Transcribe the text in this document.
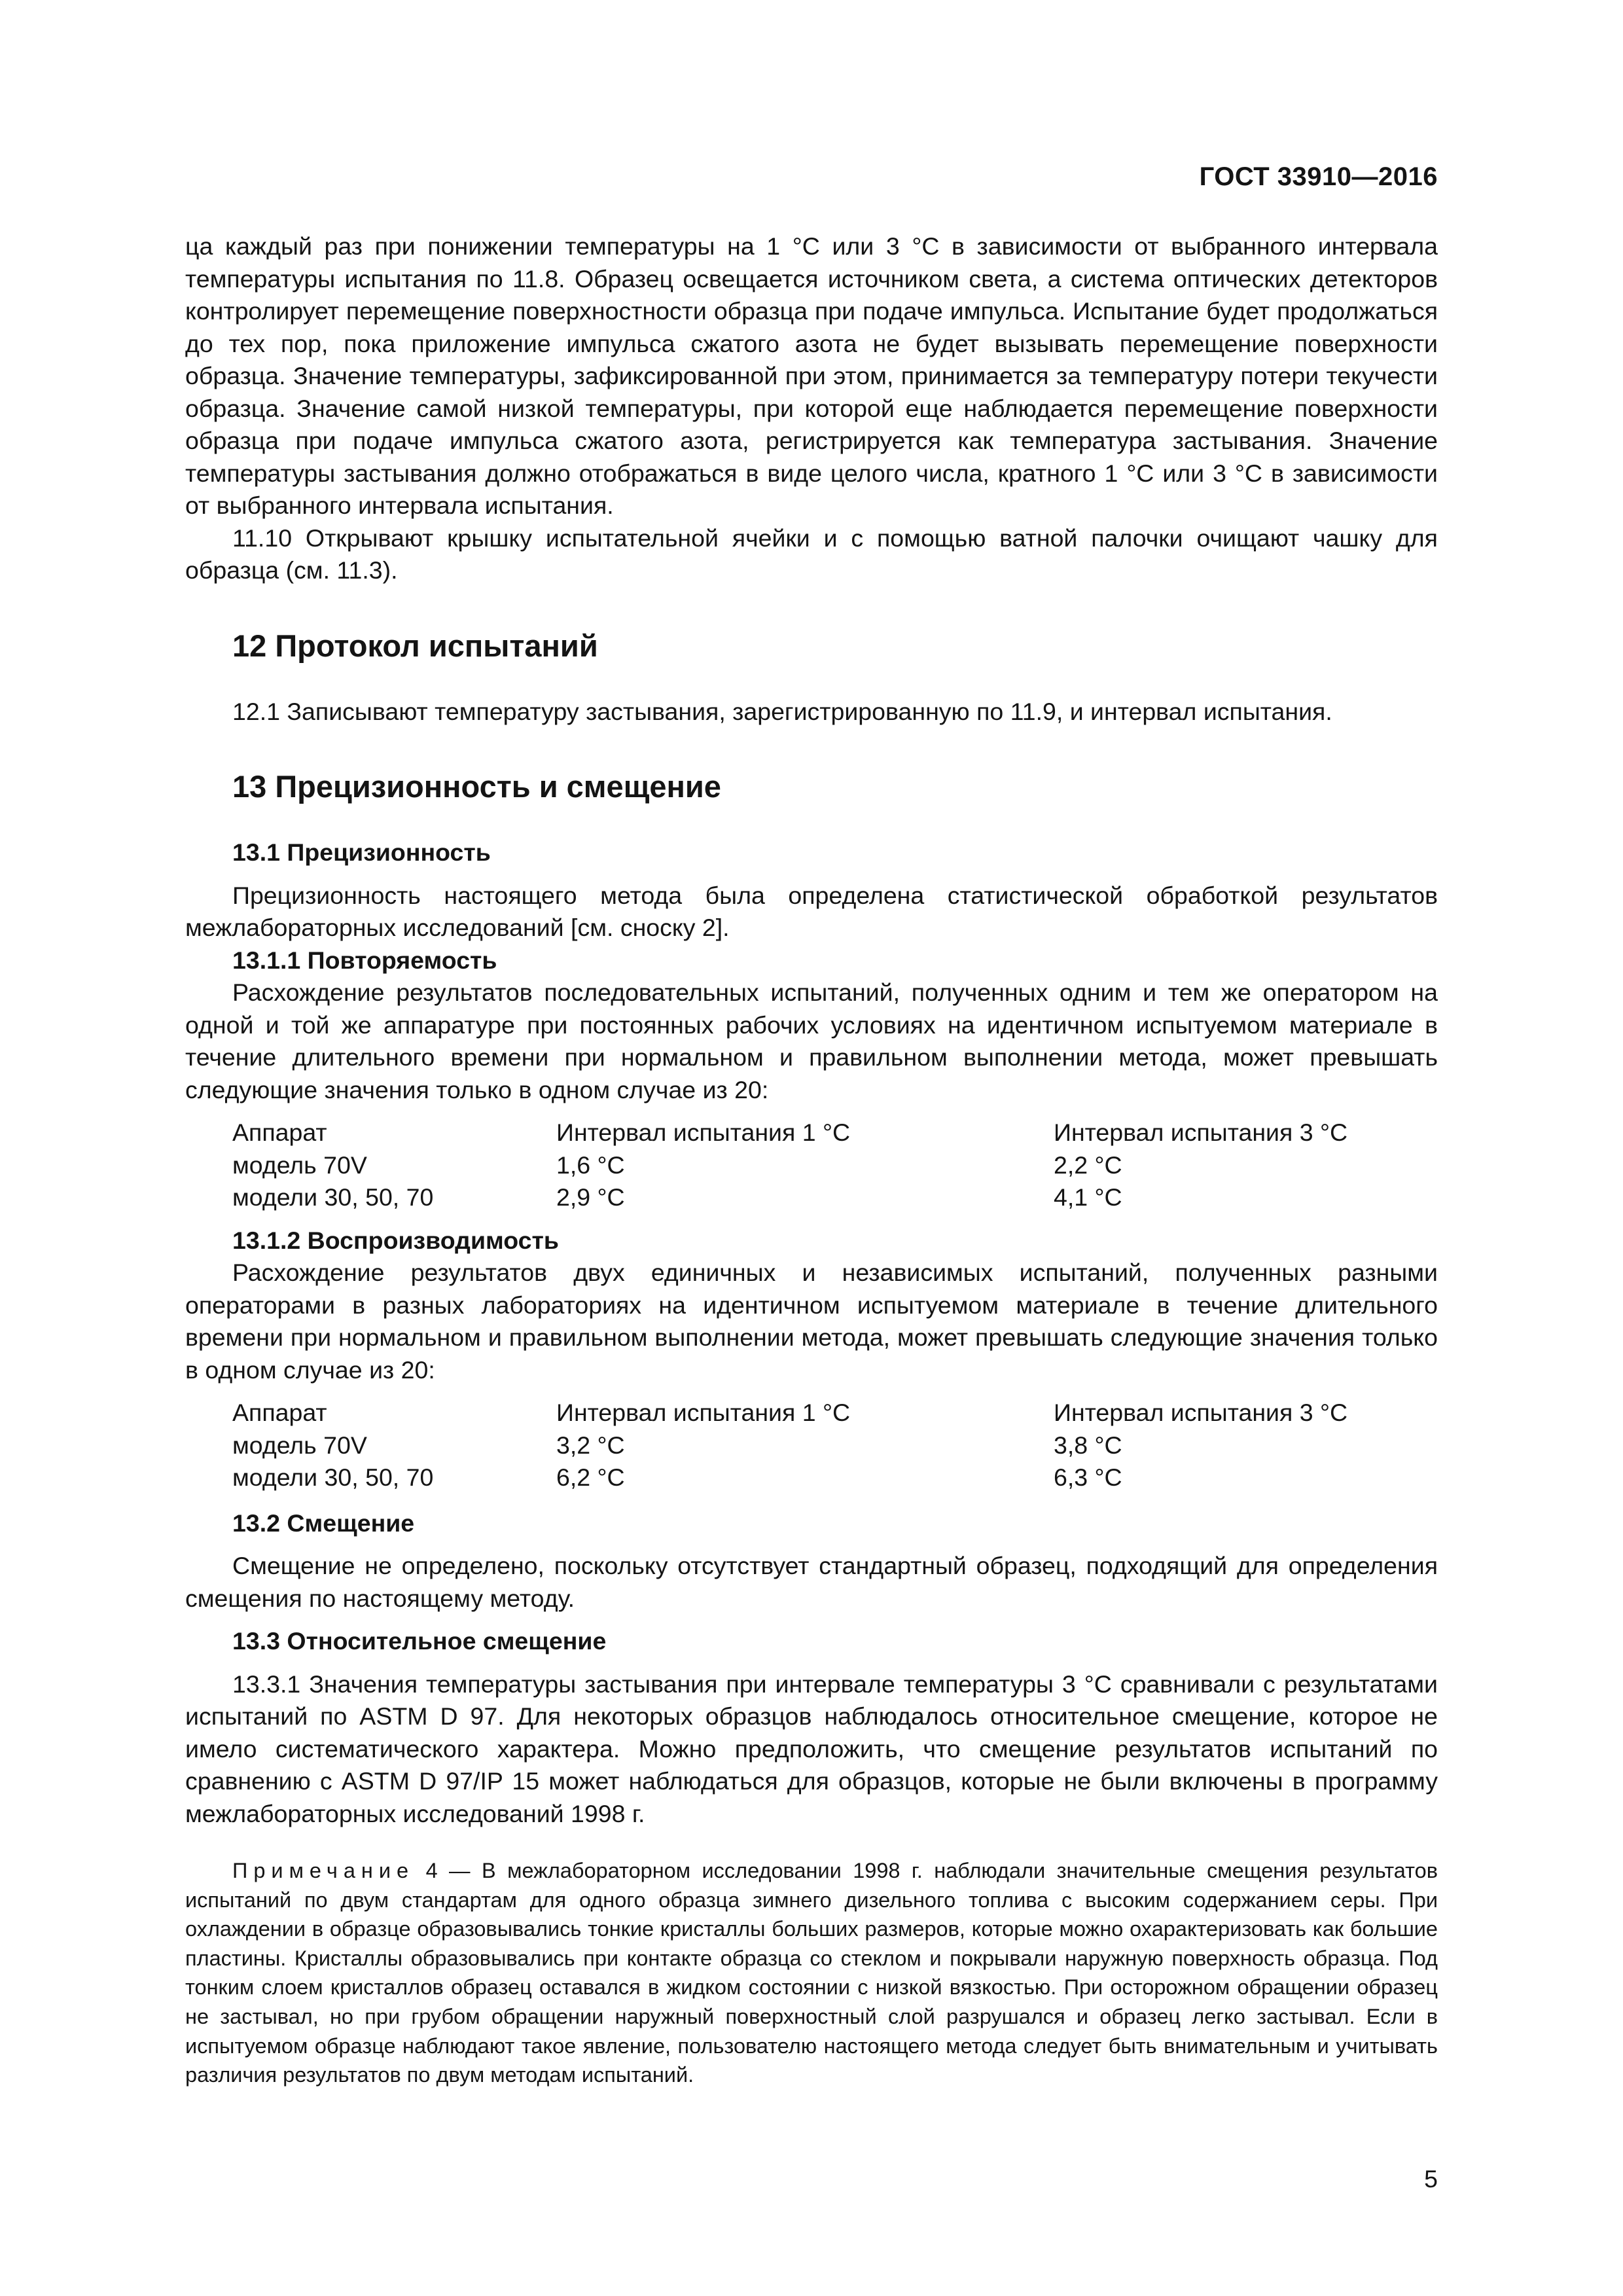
ГОСТ 33910—2016

ца каждый раз при понижении температуры на 1 °С или 3 °С в зависимости от выбранного интервала температуры испытания по 11.8. Образец освещается источником света, а система оптических детекторов контролирует перемещение поверхностности образца при подаче импульса. Испытание будет продолжаться до тех пор, пока приложение импульса сжатого азота не будет вызывать перемещение поверхности образца. Значение температуры, зафиксированной при этом, принимается за температуру потери текучести образца. Значение самой низкой температуры, при которой еще наблюдается перемещение поверхности образца при подаче импульса сжатого азота, регистрируется как температура застывания. Значение температуры застывания должно отображаться в виде целого числа, кратного 1 °С или 3 °С в зависимости от выбранного интервала испытания.

11.10 Открывают крышку испытательной ячейки и с помощью ватной палочки очищают чашку для образца (см. 11.3).

12 Протокол испытаний

12.1 Записывают температуру застывания, зарегистрированную по 11.9, и интервал испытания.

13 Прецизионность и смещение
13.1 Прецизионность

Прецизионность настоящего метода была определена статистической обработкой результатов межлабораторных исследований [см. сноску 2].

13.1.1 Повторяемость

Расхождение результатов последовательных испытаний, полученных одним и тем же оператором на одной и той же аппаратуре при постоянных рабочих условиях на идентичном испытуемом материале в течение длительного времени при нормальном и правильном выполнении метода, может превышать следующие значения только в одном случае из 20:

Аппарат	Интервал испытания 1 °С	Интервал испытания 3 °С
модель 70V	1,6 °С	2,2 °С
модели 30, 50, 70	2,9 °С	4,1 °С
13.1.2 Воспроизводимость

Расхождение результатов двух единичных и независимых испытаний, полученных разными операторами в разных лабораториях на идентичном испытуемом материале в течение длительного времени при нормальном и правильном выполнении метода, может превышать следующие значения только в одном случае из 20:

Аппарат	Интервал испытания 1 °С	Интервал испытания 3 °С
модель 70V	3,2 °С	3,8 °С
модели 30, 50, 70	6,2 °С	6,3 °С
13.2 Смещение

Смещение не определено, поскольку отсутствует стандартный образец, подходящий для определения смещения по настоящему методу.

13.3 Относительное смещение

13.3.1 Значения температуры застывания при интервале температуры 3 °С сравнивали с результатами испытаний по ASTM D 97. Для некоторых образцов наблюдалось относительное смещение, которое не имело систематического характера. Можно предположить, что смещение результатов испытаний по сравнению с ASTM D 97/IP 15 может наблюдаться для образцов, которые не были включены в программу межлабораторных исследований 1998 г.

Примечание 4 — В межлабораторном исследовании 1998 г. наблюдали значительные смещения результатов испытаний по двум стандартам для одного образца зимнего дизельного топлива с высоким содержанием серы. При охлаждении в образце образовывались тонкие кристаллы больших размеров, которые можно охарактеризовать как большие пластины. Кристаллы образовывались при контакте образца со стеклом и покрывали наружную поверхность образца. Под тонким слоем кристаллов образец оставался в жидком состоянии с низкой вязкостью. При осторожном обращении образец не застывал, но при грубом обращении наружный поверхностный слой разрушался и образец легко застывал. Если в испытуемом образце наблюдают такое явление, пользователю настоящего метода следует быть внимательным и учитывать различия результатов по двум методам испытаний.

5
